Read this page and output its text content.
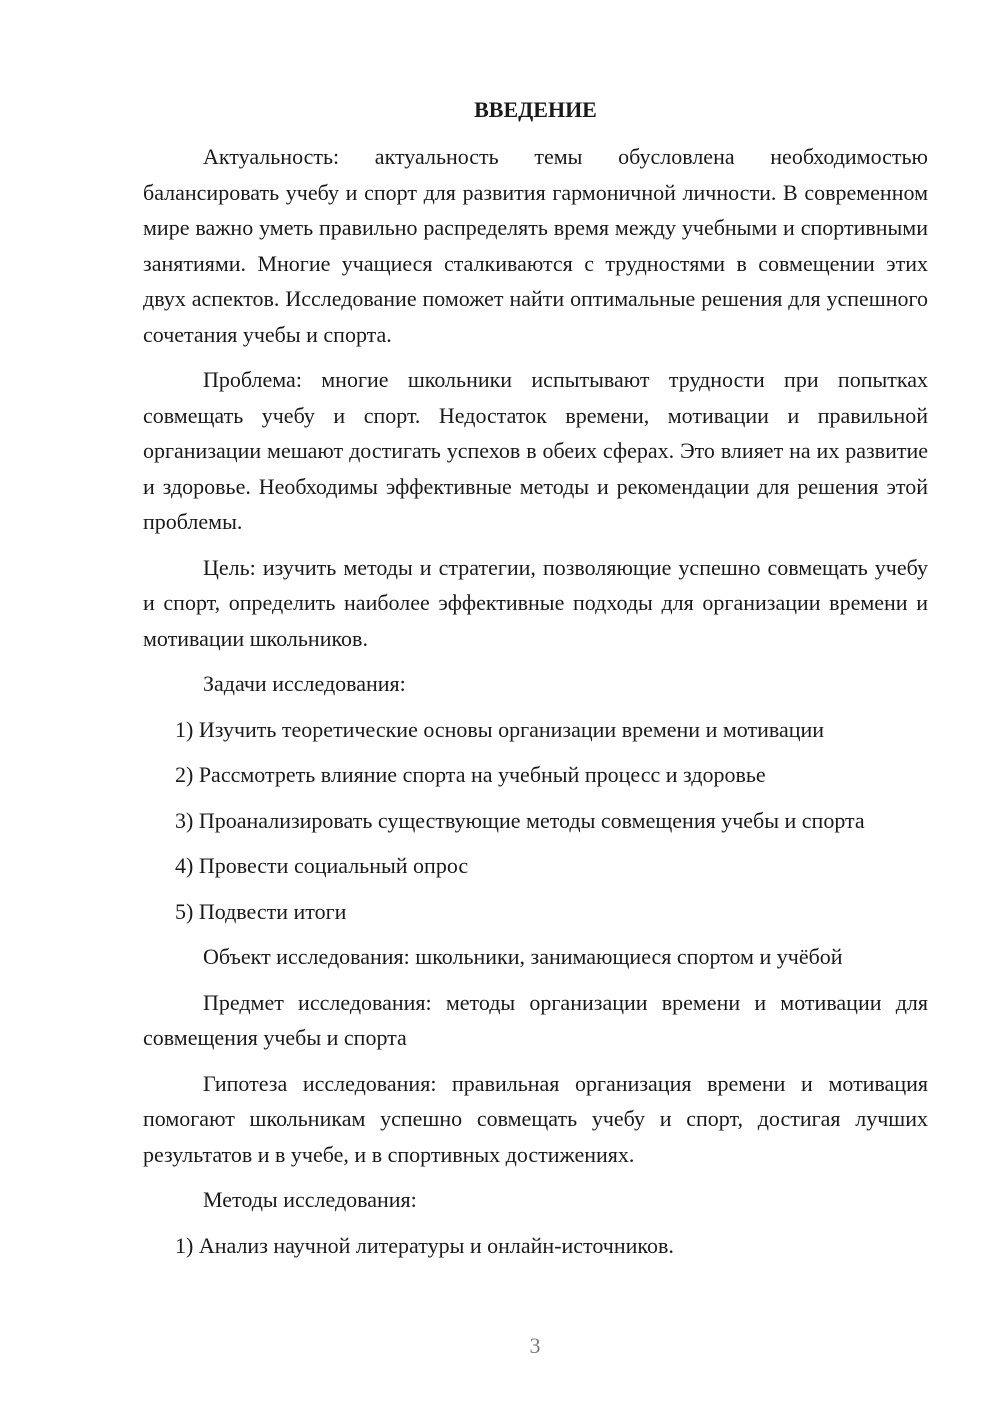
ВВЕДЕНИЕ

Актуальность: актуальность темы обусловлена необходимостью балансировать учебу и спорт для развития гармоничной личности. В современном мире важно уметь правильно распределять время между учебными и спортивными занятиями. Многие учащиеся сталкиваются с трудностями в совмещении этих двух аспектов. Исследование поможет найти оптимальные решения для успешного сочетания учебы и спорта.

Проблема: многие школьники испытывают трудности при попытках совмещать учебу и спорт. Недостаток времени, мотивации и правильной организации мешают достигать успехов в обеих сферах. Это влияет на их развитие и здоровье. Необходимы эффективные методы и рекомендации для решения этой проблемы.

Цель: изучить методы и стратегии, позволяющие успешно совмещать учебу и спорт, определить наиболее эффективные подходы для организации времени и мотивации школьников.

Задачи исследования:

1) Изучить теоретические основы организации времени и мотивации

2) Рассмотреть влияние спорта на учебный процесс и здоровье

3) Проанализировать существующие методы совмещения учебы и спорта

4) Провести социальный опрос

5) Подвести итоги

Объект исследования: школьники, занимающиеся спортом и учёбой

Предмет исследования: методы организации времени и мотивации для совмещения учебы и спорта

Гипотеза исследования: правильная организация времени и мотивация помогают школьникам успешно совмещать учебу и спорт, достигая лучших результатов и в учебе, и в спортивных достижениях.

Методы исследования:

1) Анализ научной литературы и онлайн-источников.

3
